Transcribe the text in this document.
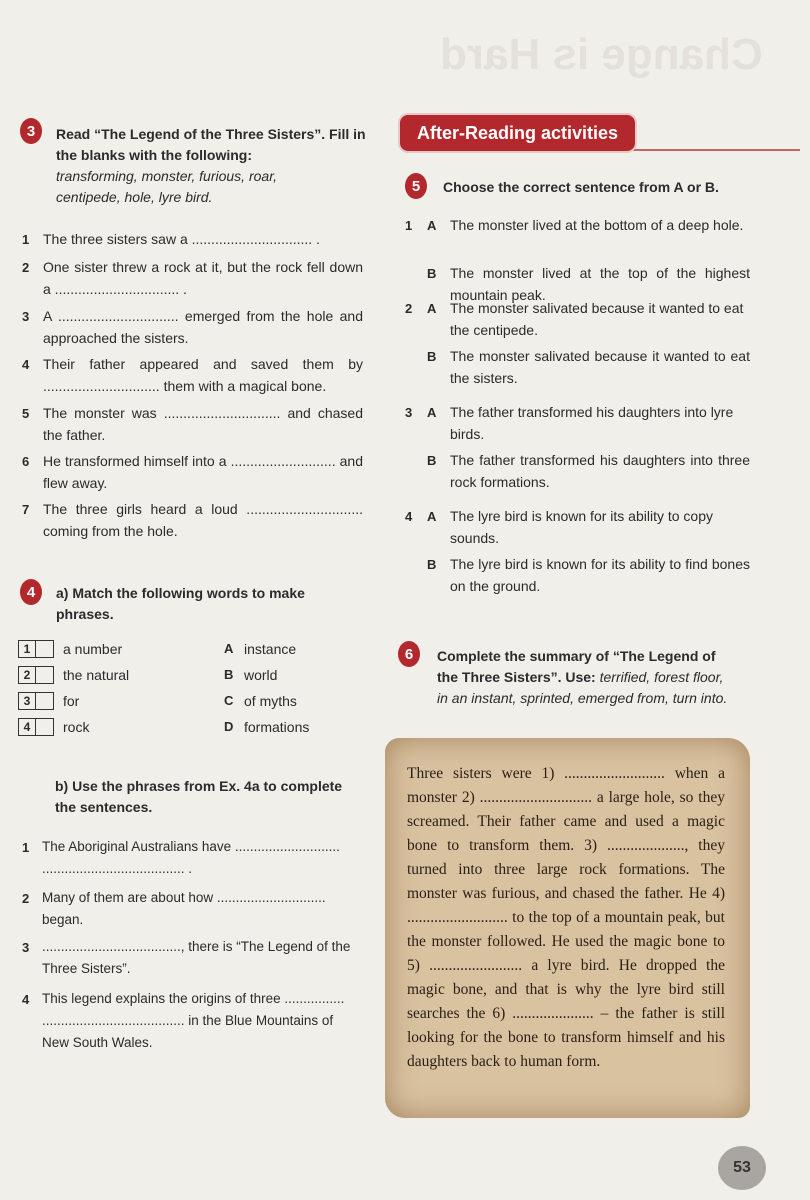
Change is Hard
3	Read “The Legend of the Three Sisters”. Fill in the blanks with the following:

transforming, monster, furious, roar, centipede, hole, lyre bird.
1 The three sisters saw a ............................... .
2 One sister threw a rock at it, but the rock fell down a ................................ .
3 A ............................... emerged from the hole and approached the sisters.
4 Their father appeared and saved them by .............................. them with a magical bone.
5 The monster was .............................. and chased the father.
6 He transformed himself into a ........................... and flew away.
7 The three girls heard a loud .............................. coming from the hole.
4	a) Match the following words to make phrases.
1	a number
2	the natural
3	for
4	rock
A instance
B world
C of myths
D formations
b) Use the phrases from Ex. 4a to complete the sentences.
1 The Aboriginal Australians have ............................ ...................................... .
2 Many of them are about how ............................. began.
3 ....................................., there is “The Legend of the Three Sisters”.
4 This legend explains the origins of three ................ ...................................... in the Blue Mountains of New South Wales.
After-Reading activities
5	Choose the correct sentence from A or B.
1 A The monster lived at the bottom of a deep hole.
B The monster lived at the top of the highest mountain peak.
2 A The monster salivated because it wanted to eat the centipede.
B The monster salivated because it wanted to eat the sisters.
3 A The father transformed his daughters into lyre birds.
B The father transformed his daughters into three rock formations.
4 A The lyre bird is known for its ability to copy sounds.
B The lyre bird is known for its ability to find bones on the ground.
6	Complete the summary of “The Legend of the Three Sisters”. Use: terrified, forest floor, in an instant, sprinted, emerged from, turn into.
Three sisters were 1) .......................... when a monster 2) ............................. a large hole, so they screamed. Their father came and used a magic bone to transform them. 3) ...................., they turned into three large rock formations. The monster was furious, and chased the father. He 4) .......................... to the top of a mountain peak, but the monster followed. He used the magic bone to 5) ........................ a lyre bird. He dropped the magic bone, and that is why the lyre bird still searches the 6) ..................... – the father is still looking for the bone to transform himself and his daughters back to human form.
53
